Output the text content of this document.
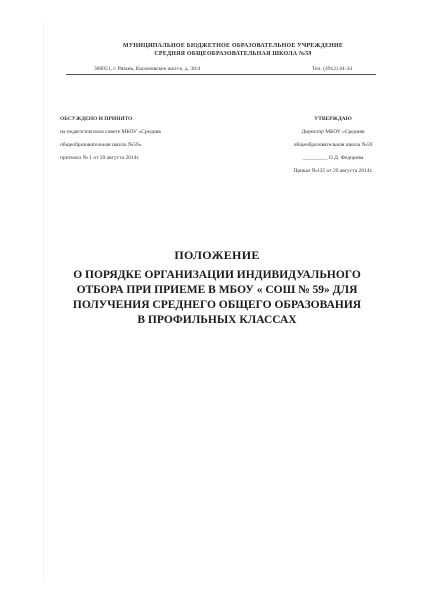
МУНИЦИПАЛЬНОЕ БЮДЖЕТНОЕ ОБРАЗОВАТЕЛЬНОЕ УЧРЕЖДЕНИЕ
СРЕДНЯЯ ОБЩЕОБРАЗОВАТЕЛЬНАЯ ШКОЛА №59
360051, г. Рязань, Касимовское шоссе, д. 30/4	Тел. (4912) 44-34

ОБСУЖДЕНО И ПРИНЯТО
на педагогическом совете МБОУ «Средняя
общеобразовательная школа №59»
протокол № 1 от 29 августа 2014г.
УТВЕРЖДАЮ
Директор МБОУ «Средняя
общеобразовательная школа №59
_________ О.Д. Федорова
Приказ №135 от 29 августа 2014г.
ПОЛОЖЕНИЕ
О ПОРЯДКЕ ОРГАНИЗАЦИИ ИНДИВИДУАЛЬНОГО
ОТБОРА ПРИ ПРИЕМЕ В МБОУ « СОШ № 59» ДЛЯ
ПОЛУЧЕНИЯ СРЕДНЕГО ОБЩЕГО ОБРАЗОВАНИЯ
В ПРОФИЛЬНЫХ КЛАССАХ
